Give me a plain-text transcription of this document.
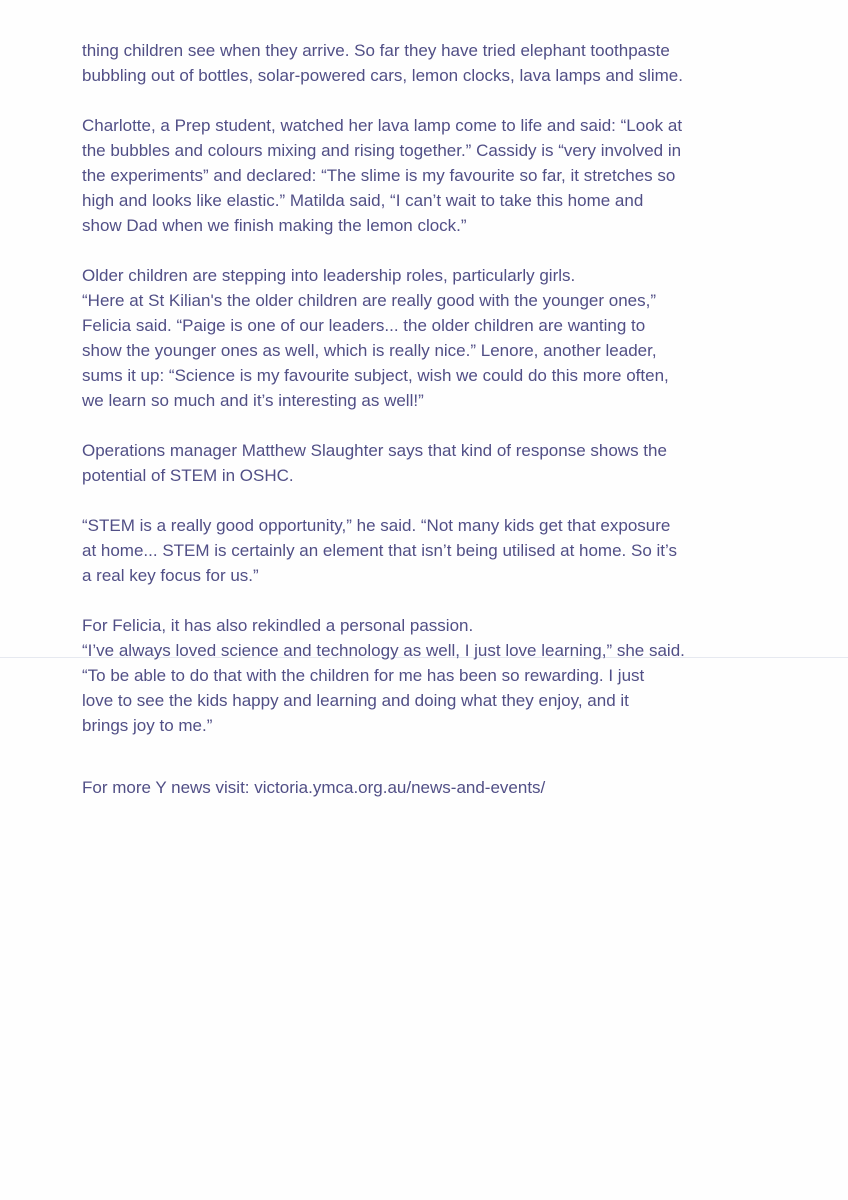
thing children see when they arrive. So far they have tried elephant toothpaste
bubbling out of bottles, solar-powered cars, lemon clocks, lava lamps and slime.

Charlotte, a Prep student, watched her lava lamp come to life and said: “Look at
the bubbles and colours mixing and rising together.” Cassidy is “very involved in
the experiments” and declared: “The slime is my favourite so far, it stretches so
high and looks like elastic.” Matilda said, “I can’t wait to take this home and
show Dad when we finish making the lemon clock.”

Older children are stepping into leadership roles, particularly girls.
“Here at St Kilian's the older children are really good with the younger ones,”
Felicia said. “Paige is one of our leaders... the older children are wanting to
show the younger ones as well, which is really nice.” Lenore, another leader,
sums it up: “Science is my favourite subject, wish we could do this more often,
we learn so much and it’s interesting as well!”

Operations manager Matthew Slaughter says that kind of response shows the
potential of STEM in OSHC.

“STEM is a really good opportunity,” he said. “Not many kids get that exposure
at home... STEM is certainly an element that isn’t being utilised at home. So it’s
a real key focus for us.”

For Felicia, it has also rekindled a personal passion.
“I’ve always loved science and technology as well, I just love learning,” she said.
“To be able to do that with the children for me has been so rewarding. I just
love to see the kids happy and learning and doing what they enjoy, and it
brings joy to me.”

For more Y news visit: victoria.ymca.org.au/news-and-events/
